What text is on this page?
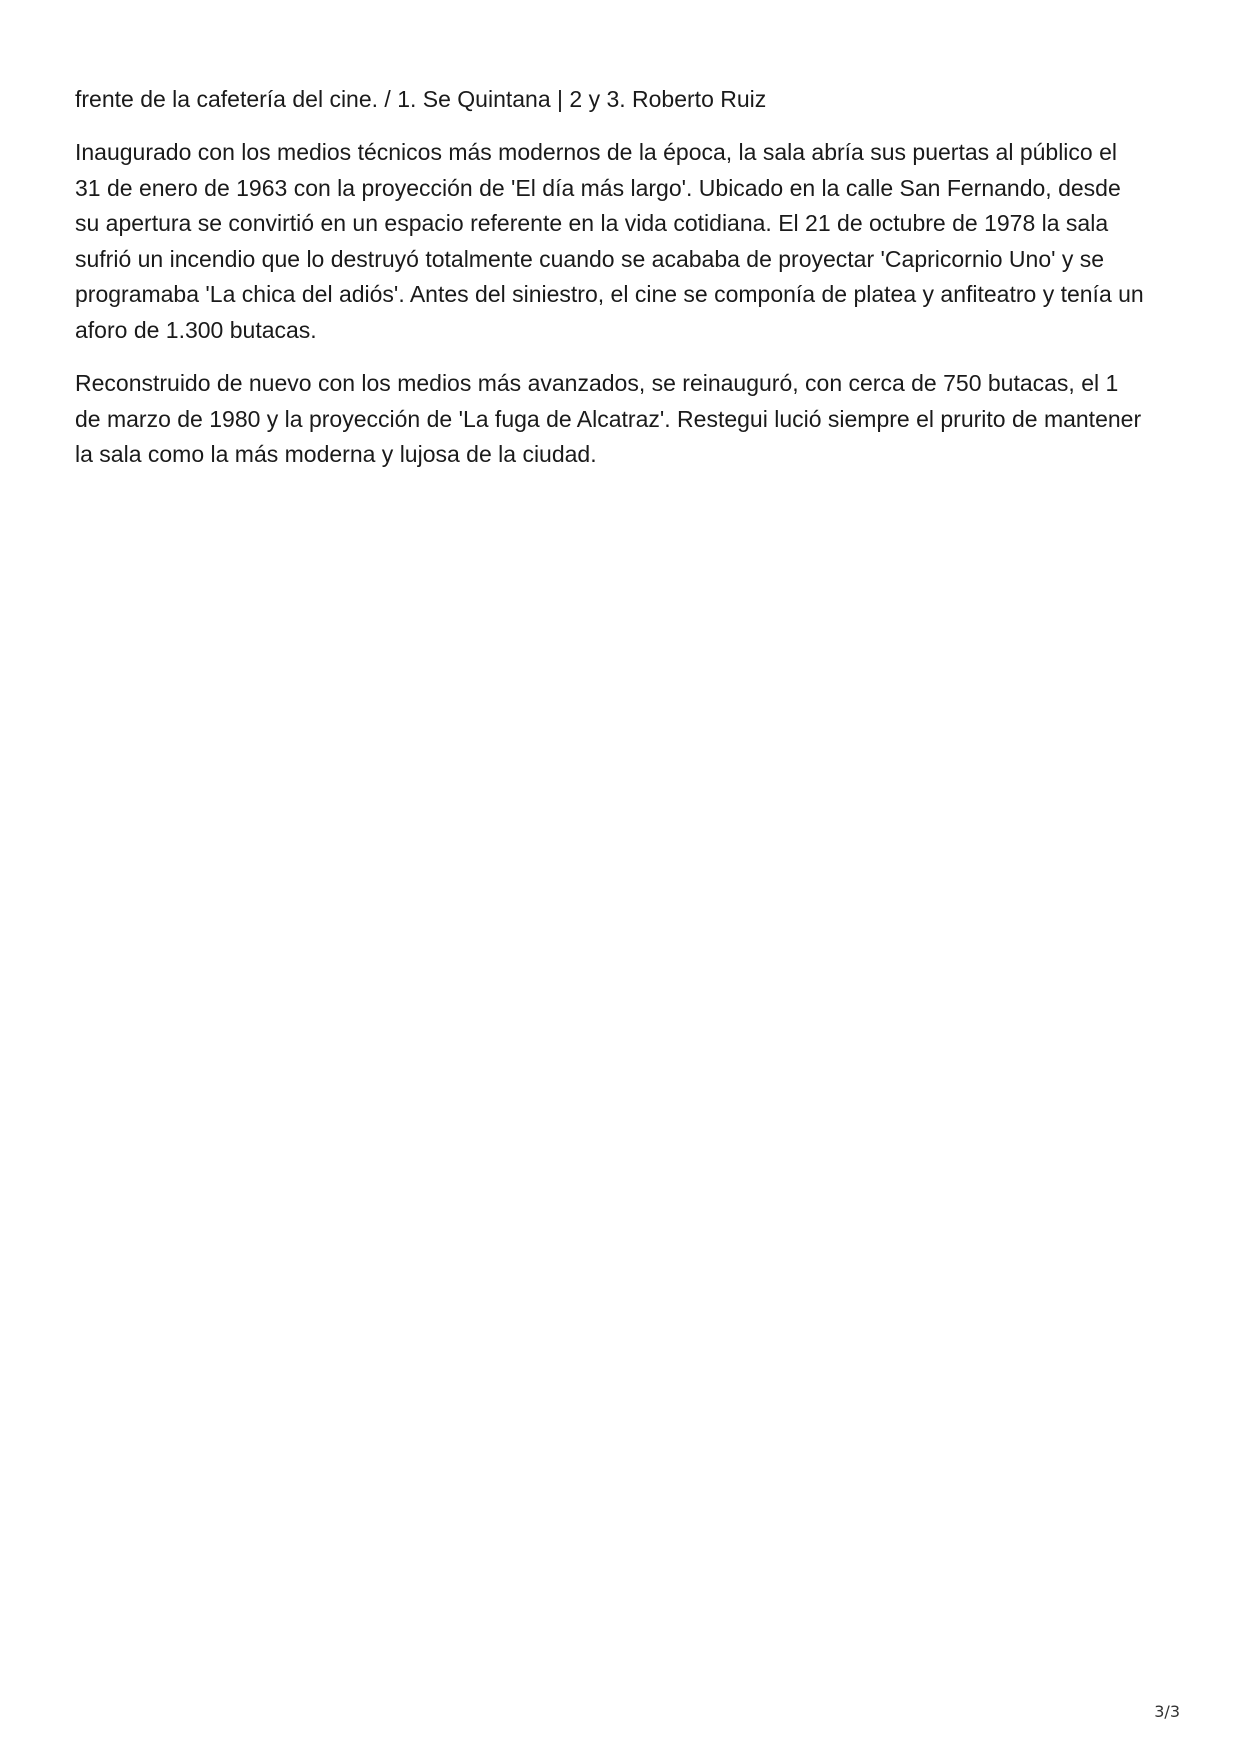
frente de la cafetería del cine. / 1. Se Quintana | 2 y 3. Roberto Ruiz

Inaugurado con los medios técnicos más modernos de la época, la sala abría sus puertas al público el
31 de enero de 1963 con la proyección de 'El día más largo'. Ubicado en la calle San Fernando, desde
su apertura se convirtió en un espacio referente en la vida cotidiana. El 21 de octubre de 1978 la sala
sufrió un incendio que lo destruyó totalmente cuando se acababa de proyectar 'Capricornio Uno' y se
programaba 'La chica del adiós'. Antes del siniestro, el cine se componía de platea y anfiteatro y tenía un
aforo de 1.300 butacas.

Reconstruido de nuevo con los medios más avanzados, se reinauguró, con cerca de 750 butacas, el 1
de marzo de 1980 y la proyección de 'La fuga de Alcatraz'. Restegui lució siempre el prurito de mantener
la sala como la más moderna y lujosa de la ciudad.

3/3
